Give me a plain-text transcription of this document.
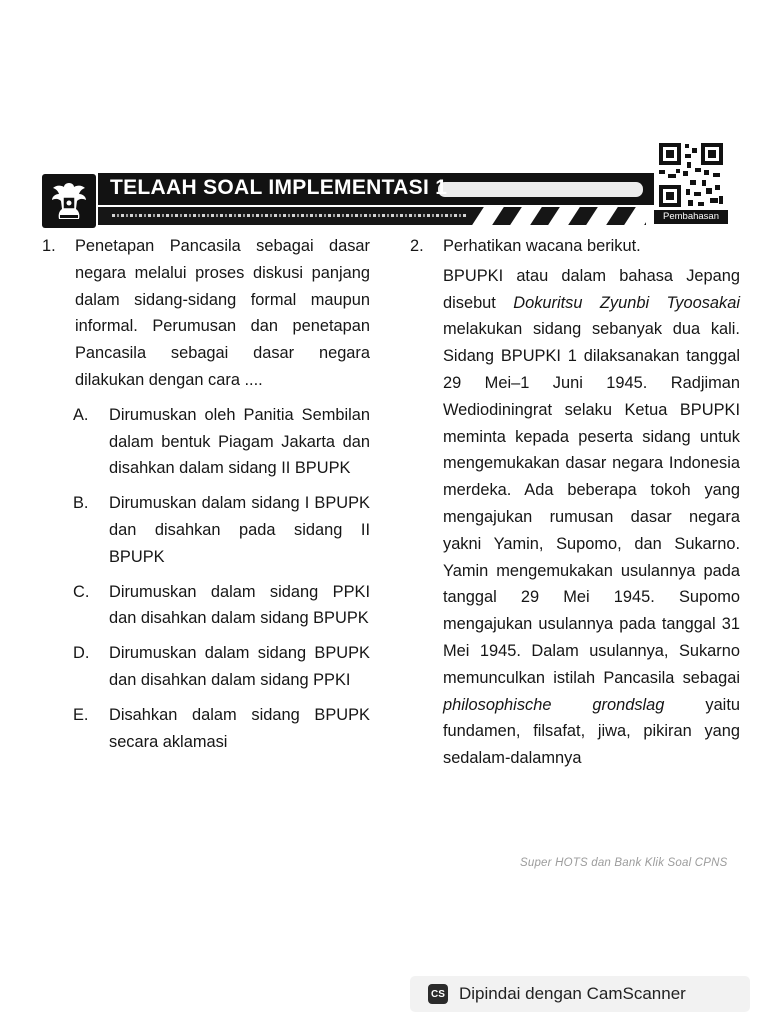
TELAAH SOAL IMPLEMENTASI 1
Pembahasan
1. Penetapan Pancasila sebagai dasar negara melalui proses diskusi panjang dalam sidang-sidang formal maupun informal. Perumusan dan penetapan Pancasila sebagai dasar negara dilakukan dengan cara ....
A. Dirumuskan oleh Panitia Sembilan dalam bentuk Piagam Jakarta dan disahkan dalam sidang II BPUPK
B. Dirumuskan dalam sidang I BPUPK dan disahkan pada sidang II BPUPK
C. Dirumuskan dalam sidang PPKI dan disahkan dalam sidang BPUPK
D. Dirumuskan dalam sidang BPUPK dan disahkan dalam sidang PPKI
E. Disahkan dalam sidang BPUPK secara aklamasi
2. Perhatikan wacana berikut.
BPUPKI atau dalam bahasa Jepang disebut Dokuritsu Zyunbi Tyoosakai melakukan sidang sebanyak dua kali. Sidang BPUPKI 1 dilaksanakan tanggal 29 Mei–1 Juni 1945. Radjiman Wediodiningrat selaku Ketua BPUPKI meminta kepada peserta sidang untuk mengemukakan dasar negara Indonesia merdeka. Ada beberapa tokoh yang mengajukan rumusan dasar negara yakni Yamin, Supomo, dan Sukarno. Yamin mengemukakan usulannya pada tanggal 29 Mei 1945. Supomo mengajukan usulannya pada tanggal 31 Mei 1945. Dalam usulannya, Sukarno memunculkan istilah Pancasila sebagai philosophische grondslag yaitu fundamen, filsafat, jiwa, pikiran yang sedalam-dalamnya
Super HOTS dan Bank Klik Soal CPNS
CS Dipindai dengan CamScanner
